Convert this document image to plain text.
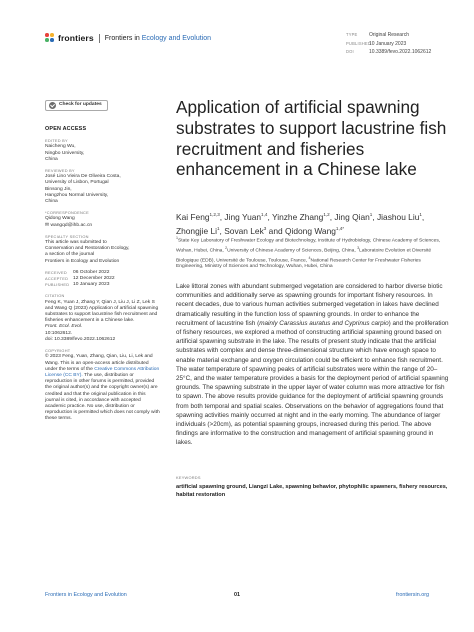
frontiers Frontiers in Ecology and Evolution	TYPE Original Research
PUBLISHED10 January 2023
DOI	10.3389/fevo.2022.1062612
Check for updates
OPEN ACCESS
EDITED BY
Naicheng Wu,
Ningbo University,
China
REVIEWED BY
José Lino Vieira De Oliveira Costa,
University of Lisbon, Portugal
Binsong Jin,
Hangzhou Normal University,
China
*CORRESPONDENCE
Qidong Wang
✉ wangqd@ihb.ac.cn
SPECIALTY SECTION
This article was submitted to
Conservation and Restoration Ecology,
a section of the journal
Frontiers in Ecology and Evolution
RECEIVED	06 October 2022
ACCEPTED 12 December 2022
PUBLISHED 10 January 2023
CITATION
Feng K, Yuan J, Zhang Y, Qian J, Liu J, Li Z, Lek S and Wang Q (2023) Application of artificial spawning substrates to support lacustrine fish recruitment and fisheries enhancement in a Chinese lake.
Front. Ecol. Evol.
10:1062612.
doi: 10.3389/fevo.2022.1062612
COPYRIGHT
© 2023 Feng, Yuan, Zhang, Qian, Liu, Li, Lek and Wang. This is an open-access article distributed under the terms of the Creative Commons Attribution License (CC BY). The use, distribution or reproduction in other forums is permitted, provided the original author(s) and the copyright owner(s) are credited and that the original publication in this journal is cited, in accordance with accepted academic practice. No use, distribution or reproduction is permitted which does not comply with these terms.
Application of artificial spawning substrates to support lacustrine fish recruitment and fisheries enhancement in a Chinese lake
Kai Feng$^{1,2,3}$, Jing Yuan$^{1,4}$, Yinzhe Zhang$^{1,2}$, Jing Qian$^1$, Jiashou Liu$^1$, Zhongjie Li$^1$, Sovan Lek$^3$ and Qidong Wang$^{1,4*}$
$^1$State Key Laboratory of Freshwater Ecology and Biotechnology, Institute of Hydrobiology, Chinese Academy of Sciences, Wuhan, Hubei, China, $^2$University of Chinese Academy of Sciences, Beijing, China, $^3$Laboratoire Evolution et Diversité Biologique (EDB), Université de Toulouse, Toulouse, France, $^4$National Research Center for Freshwater Fisheries Engineering, Ministry of Sciences and Technology, Wuhan, Hubei, China
Lake littoral zones with abundant submerged vegetation are considered to harbor diverse biotic communities and additionally serve as spawning grounds for important fishery resources. In recent decades, due to various human activities submerged vegetation in lakes have declined dramatically resulting in the function loss of spawning grounds. In order to enhance the recruitment of lacustrine fish (mainly Carassius auratus and Cyprinus carpio) and the proliferation of fishery resources, we explored a method of constructing artificial spawning ground based on artificial spawning substrate in the lake. The results of present study indicate that the artificial substrates with complex and dense three-dimensional structure which have enough space to enable material exchange and oxygen circulation could be efficient to enhance fish recruitment. The water temperature of spawning peaks of artificial substrates were within the range of 20–25°C, and the water temperature provides a basis for the deployment period of artificial spawning grounds. The spawning substrate in the upper layer of water column was more attractive for fish to spawn. The above results provide guidance for the deployment of artificial spawning grounds from both temporal and spatial scales. Observations on the behavior of aggregations found that spawning activities mainly occurred at night and in the early morning. The abundance of larger individuals (>20cm), as potential spawning groups, increased during this period. The above findings are informative to the construction and management of artificial spawning ground in lakes.
KEYWORDS
artificial spawning ground, Liangzi Lake, spawning behavior, phytophilic spawners, fishery resources, habitat restoration
Frontiers in Ecology and Evolution	01	frontiersin.org
